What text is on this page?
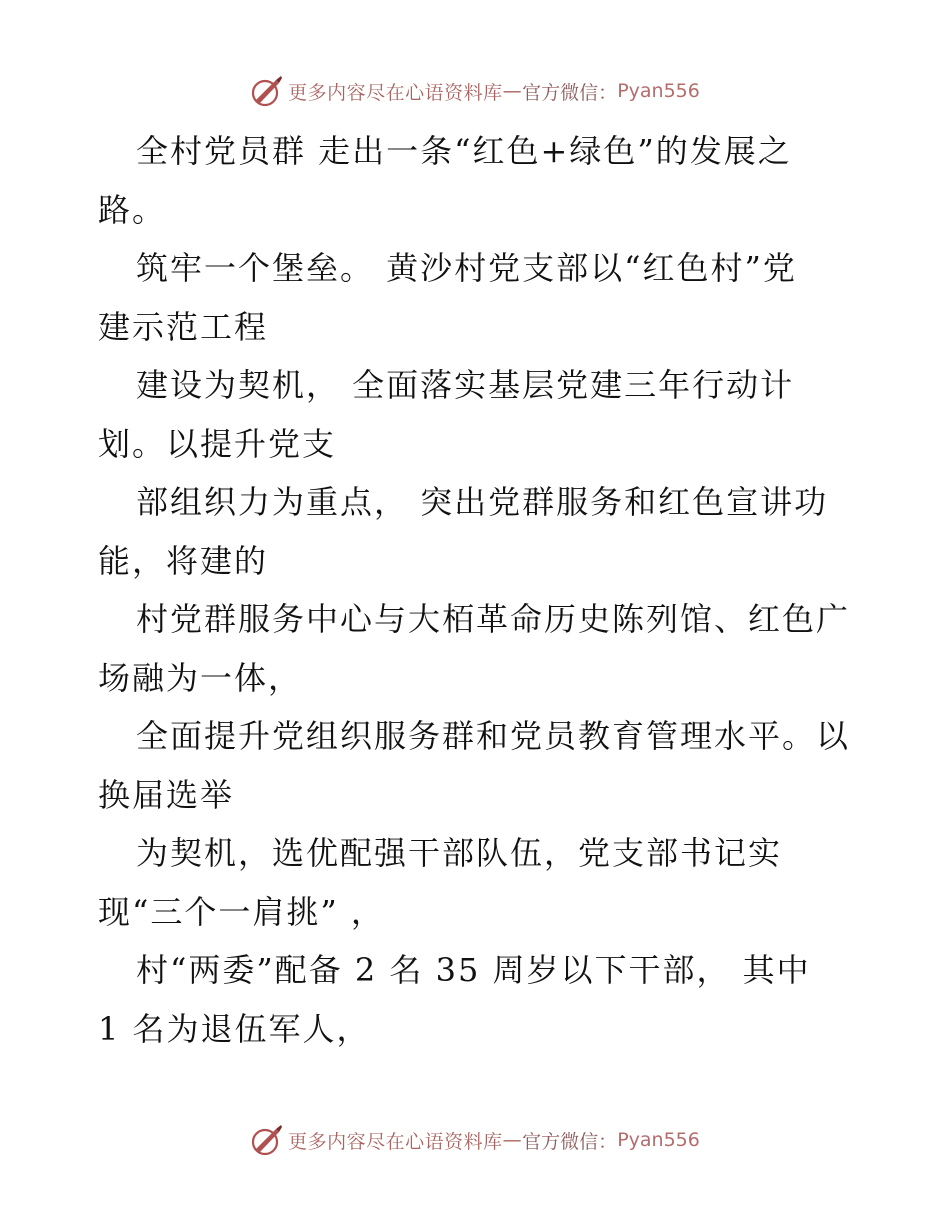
更多内容尽在心语资料库 — 官方微信： Pyan556
全村党员群 走出一条“红色+绿色”的发展之
路。
筑牢一个堡垒。 黄沙村党支部以“红色村”党
建示范工程
建设为契机， 全面落实基层党建三年行动计
划。以提升党支
部组织力为重点， 突出党群服务和红色宣讲功
能，将建的
村党群服务中心与大栢革命历史陈列馆、红色广
场融为一体，
全面提升党组织服务群和党员教育管理水平。以
换届选举
为契机，选优配强干部队伍，党支部书记实
现“三个一肩挑” ，
村“两委”配备 2 名 35 周岁以下干部， 其中
1 名为退伍军人，
更多内容尽在心语资料库 — 官方微信： Pyan556
